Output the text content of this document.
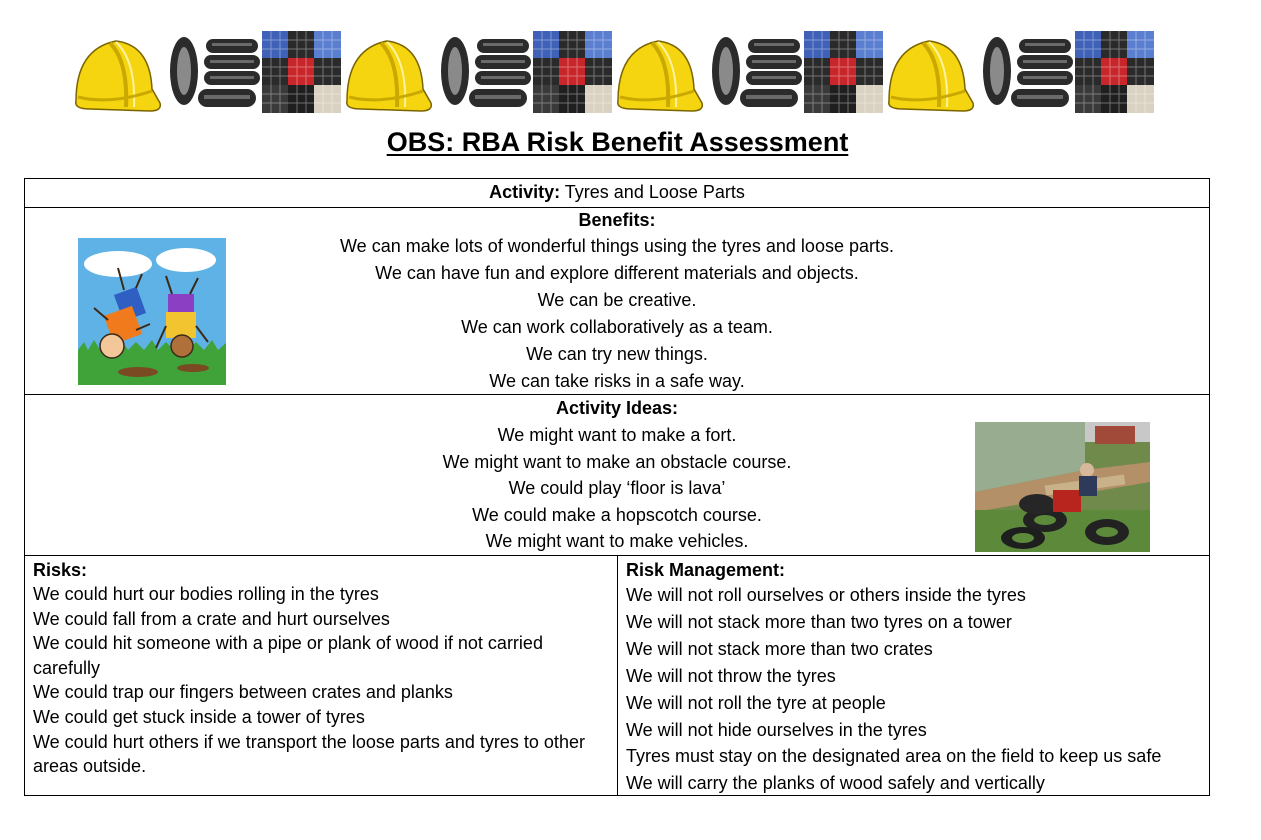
OBS: RBA Risk Benefit Assessment
Activity: Tyres and Loose Parts
Benefits:
We can make lots of wonderful things using the tyres and loose parts.
We can have fun and explore different materials and objects.
We can be creative.
We can work collaboratively as a team.
We can try new things.
We can take risks in a safe way.
Activity Ideas:
We might want to make a fort.
We might want to make an obstacle course.
We could play ‘floor is lava’
We could make a hopscotch course.
We might want to make vehicles.
Risks:
We could hurt our bodies rolling in the tyres
We could fall from a crate and hurt ourselves
We could hit someone with a pipe or plank of wood if not carried carefully
We could trap our fingers between crates and planks
We could get stuck inside a tower of tyres
We could hurt others if we transport the loose parts and tyres to other areas outside.
Risk Management:
We will not roll ourselves or others inside the tyres
We will not stack more than two tyres on a tower
We will not stack more than two crates
We will not throw the tyres
We will not roll the tyre at people
We will not hide ourselves in the tyres
Tyres must stay on the designated area on the field to keep us safe
We will carry the planks of wood safely and vertically
